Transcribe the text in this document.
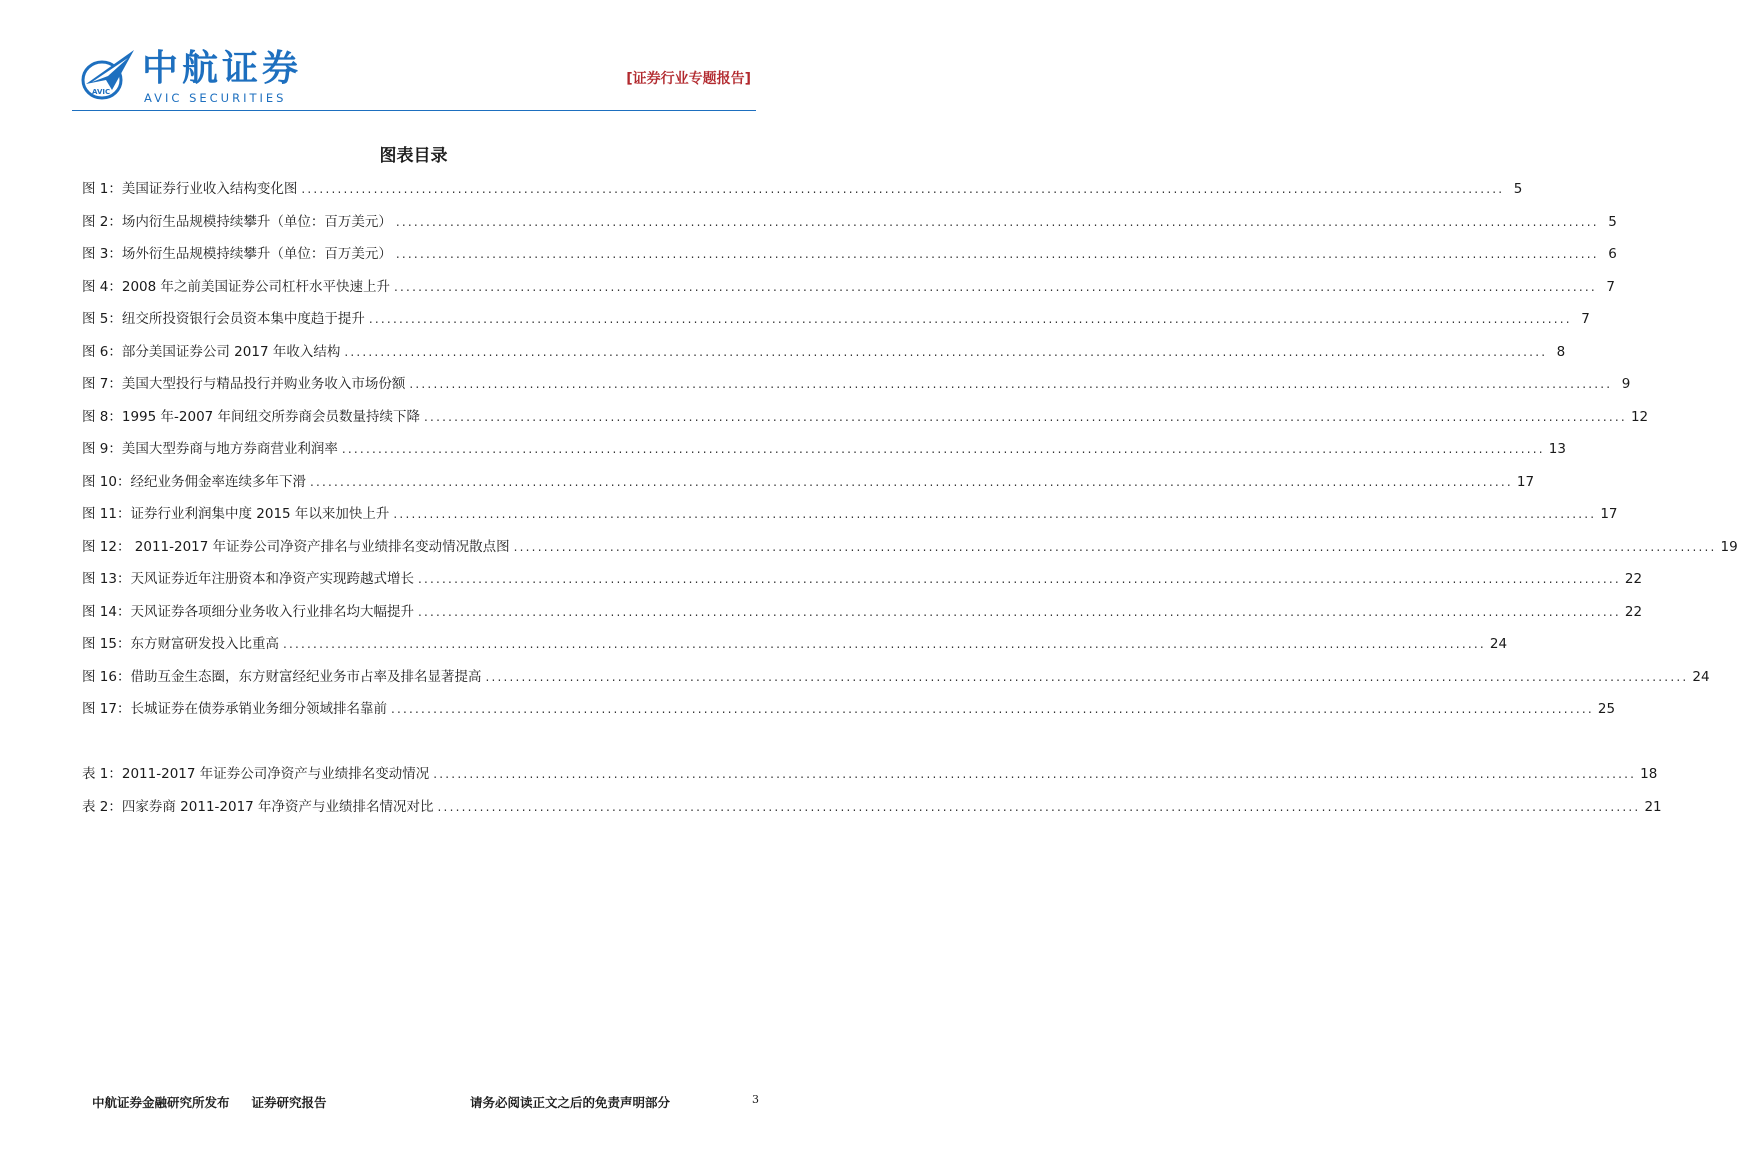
AVIC
中航证券
AVIC SECURITIES
[证券行业专题报告]
图表目录
图 1：美国证券行业收入结构变化图 ........................................................................................................................................................................................................ 5
图 2：场内衍生品规模持续攀升（单位：百万美元） ........................................................................................................................................................................................................ 5
图 3：场外衍生品规模持续攀升（单位：百万美元） ........................................................................................................................................................................................................ 6
图 4：2008 年之前美国证券公司杠杆水平快速上升 ........................................................................................................................................................................................................ 7
图 5：纽交所投资银行会员资本集中度趋于提升 ........................................................................................................................................................................................................ 7
图 6：部分美国证券公司 2017 年收入结构 ........................................................................................................................................................................................................ 8
图 7：美国大型投行与精品投行并购业务收入市场份额 ........................................................................................................................................................................................................ 9
图 8：1995 年-2007 年间纽交所券商会员数量持续下降 ........................................................................................................................................................................................................ 12
图 9：美国大型券商与地方券商营业利润率 ........................................................................................................................................................................................................ 13
图 10：经纪业务佣金率连续多年下滑 ........................................................................................................................................................................................................ 17
图 11：证券行业利润集中度 2015 年以来加快上升 ........................................................................................................................................................................................................ 17
图 12： 2011-2017 年证券公司净资产排名与业绩排名变动情况散点图 ........................................................................................................................................................................................................ 19
图 13：天风证券近年注册资本和净资产实现跨越式增长 ........................................................................................................................................................................................................ 22
图 14：天风证券各项细分业务收入行业排名均大幅提升 ........................................................................................................................................................................................................ 22
图 15：东方财富研发投入比重高 ........................................................................................................................................................................................................ 24
图 16：借助互金生态圈，东方财富经纪业务市占率及排名显著提高 ........................................................................................................................................................................................................ 24
图 17：长城证券在债券承销业务细分领域排名靠前 ........................................................................................................................................................................................................ 25
表 1：2011-2017 年证券公司净资产与业绩排名变动情况 ........................................................................................................................................................................................................ 18
表 2：四家券商 2011-2017 年净资产与业绩排名情况对比 ........................................................................................................................................................................................................ 21
中航证券金融研究所发布 证券研究报告	请务必阅读正文之后的免责声明部分	3
